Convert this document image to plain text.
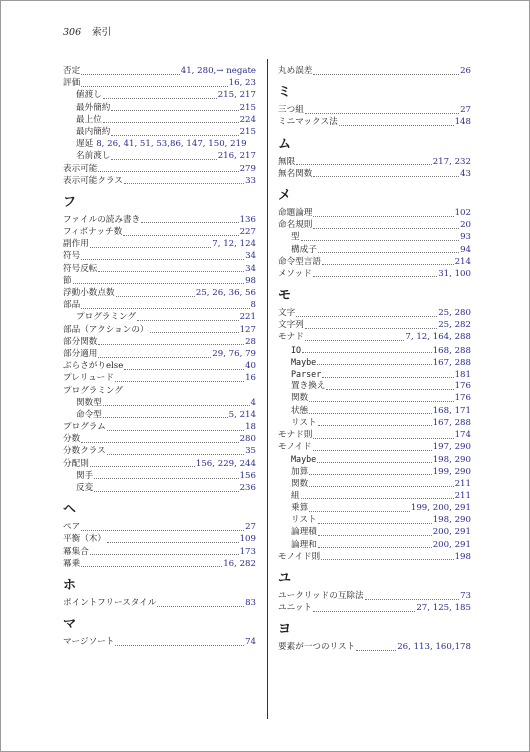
306 索引
否定	41, 280,→ negate
評価	16, 23
値渡し	215, 217
最外簡約	215
最上位	224
最内簡約	215
遅延 8, 26, 41, 51, 53,86, 147, 150, 219
名前渡し	216, 217
表示可能	279
表示可能クラス	33
フ
ファイルの読み書き	136
フィボナッチ数	227
副作用	7, 12, 124
符号	34
符号反転	34
節	98
浮動小数点数	25, 26, 36, 56
部品	8
プログラミング	221
部品（アクションの）	127
部分関数	28
部分適用	29, 76, 79
ぶらさがりelse	40
プレリュード	16
プログラミング
関数型	4
命令型	5, 214
プログラム	18
分数	280
分数クラス	35
分配則	156, 229, 244
関手	156
反変	236
ヘ
ペア	27
平衡（木）	109
冪集合	173
冪乗	16, 282
ホ
ポイントフリースタイル	83
マ
マージソート	74
丸め誤差	26
ミ
三つ組	27
ミニマックス法	148
ム
無限	217, 232
無名関数	43
メ
命題論理	102
命名規則	20
型	93
構成子	94
命令型言語	214
メソッド	31, 100
モ
文字	25, 280
文字列	25, 282
モナド	7, 12, 164, 288
IO	168, 288
Maybe	167, 288
Parser	181
置き換え	176
関数	176
状態	168, 171
リスト	167, 288
モナド則	174
モノイド	197, 290
Maybe	198, 290
加算	199, 290
関数	211
組	211
乗算	199, 200, 291
リスト	198, 290
論理積	200, 291
論理和	200, 291
モノイド則	198
ユ
ユークリッドの互除法	73
ユニット	27, 125, 185
ヨ
要素が一つのリスト	26, 113, 160,178
